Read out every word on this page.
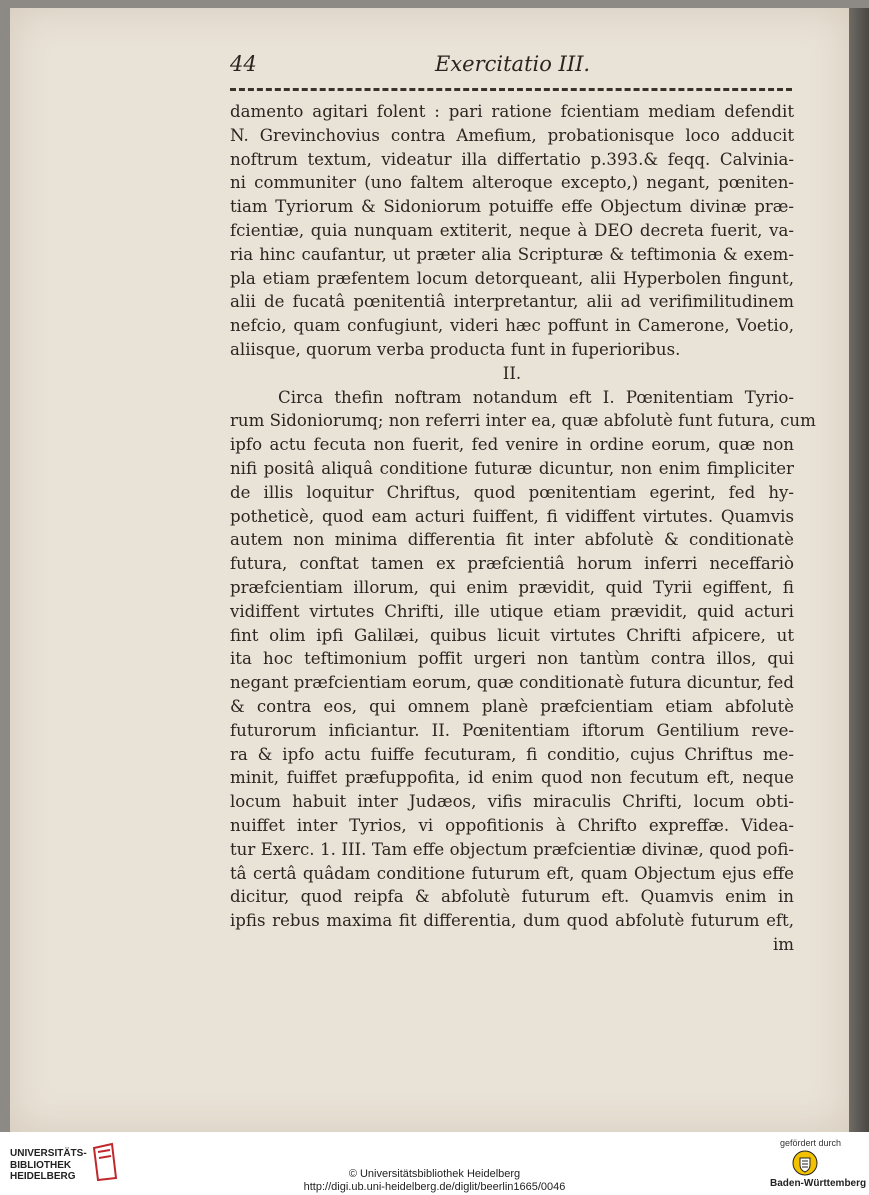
44	Exercitatio III.
damento agitari folent : pari ratione fcientiam mediam defendit
N. Grevinchovius contra Amefium, probationisque loco adducit
noftrum textum, videatur illa differtatio p.393.& feqq. Calvinia-
ni communiter (uno faltem alteroque excepto,) negant, pœniten-
tiam Tyriorum & Sidoniorum potuiffe effe Objectum divinæ præ-
fcientiæ, quia nunquam extiterit, neque à DEO decreta fuerit, va-
ria hinc caufantur, ut præter alia Scripturæ & teftimonia & exem-
pla etiam præfentem locum detorqueant, alii Hyperbolen fingunt,
alii de fucatâ pœnitentiâ interpretantur, alii ad verifimilitudinem
nefcio, quam confugiunt, videri hæc poffunt in Camerone, Voetio,
aliisque, quorum verba producta funt in fuperioribus.
II.
Circa thefin noftram notandum eft I. Pœnitentiam Tyrio-
rum Sidoniorumq; non referri inter ea, quæ abfolutè funt futura, cum
ipfo actu fecuta non fuerit, fed venire in ordine eorum, quæ non
nifi positâ aliquâ conditione futuræ dicuntur, non enim fimpliciter
de illis loquitur Chriftus, quod pœnitentiam egerint, fed hy-
potheticè, quod eam acturi fuiffent, fi vidiffent virtutes. Quamvis
autem non minima differentia fit inter abfolutè & conditionatè
futura, conftat tamen ex præfcientiâ horum inferri neceffariò
præfcientiam illorum, qui enim prævidit, quid Tyrii egiffent, fi
vidiffent virtutes Chrifti, ille utique etiam prævidit, quid acturi
fint olim ipfi Galilæi, quibus licuit virtutes Chrifti afpicere, ut
ita hoc teftimonium poffit urgeri non tantùm contra illos, qui
negant præfcientiam eorum, quæ conditionatè futura dicuntur, fed
& contra eos, qui omnem planè præfcientiam etiam abfolutè
futurorum inficiantur. II. Pœnitentiam iftorum Gentilium reve-
ra & ipfo actu fuiffe fecuturam, fi conditio, cujus Chriftus me-
minit, fuiffet præfuppofita, id enim quod non fecutum eft, neque
locum habuit inter Judæos, vifis miraculis Chrifti, locum obti-
nuiffet inter Tyrios, vi oppofitionis à Chrifto expreffæ. Videa-
tur Exerc. 1. III. Tam effe objectum præfcientiæ divinæ, quod pofi-
tâ certâ quâdam conditione futurum eft, quam Objectum ejus effe
dicitur, quod reipfa & abfolutè futurum eft. Quamvis enim in
ipfis rebus maxima fit differentia, dum quod abfolutè futurum eft,
im
UNIVERSITÄTS-
BIBLIOTHEK
HEIDELBERG	© Universitätsbibliothek Heidelberg
http://digi.ub.uni-heidelberg.de/diglit/beerlin1665/0046
gefördert durch
Baden-Württemberg
